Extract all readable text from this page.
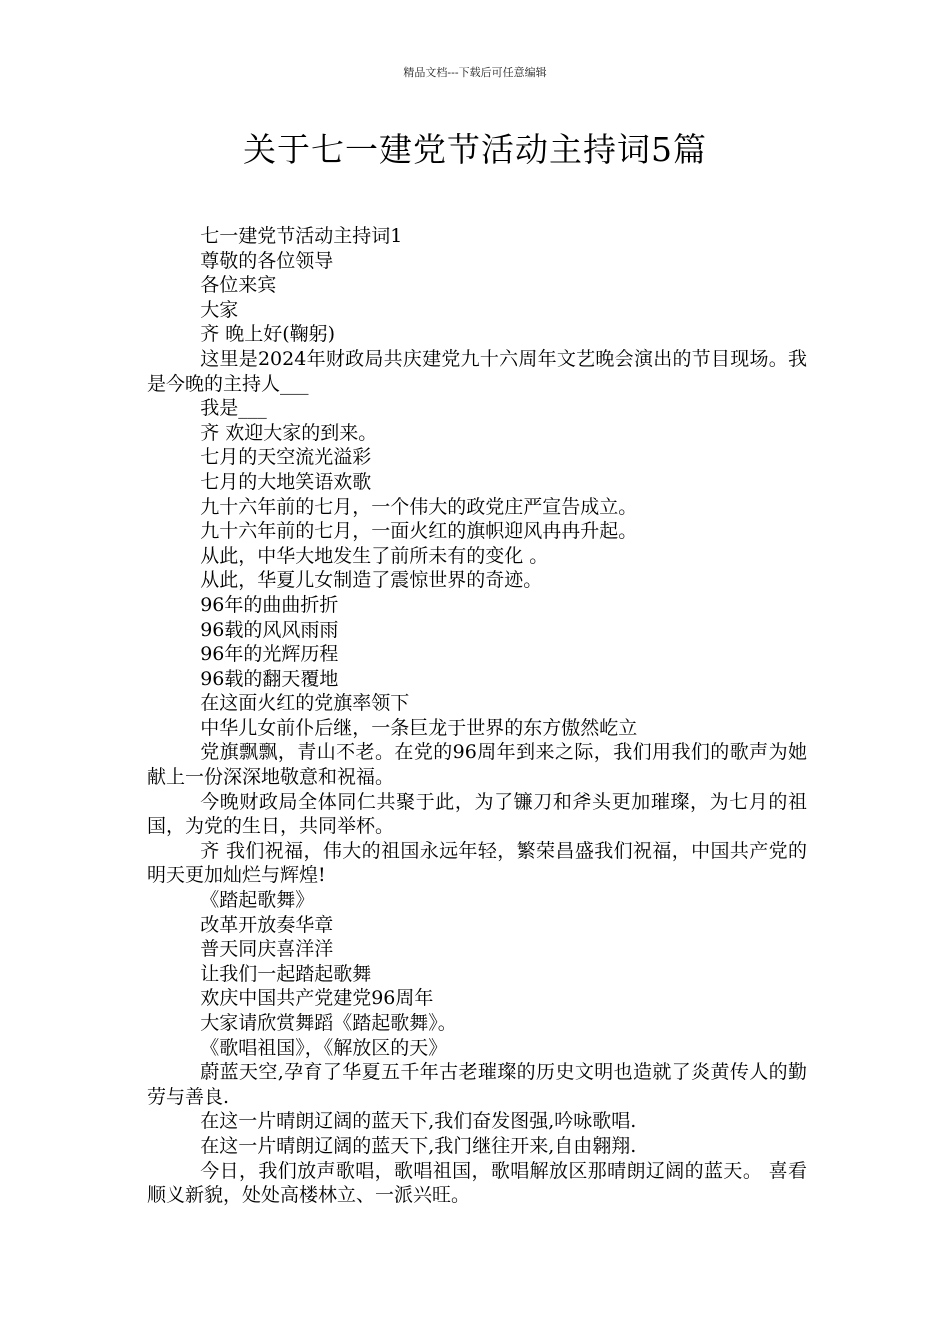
精品文档---下载后可任意编辑
关于七一建党节活动主持词5篇

七一建党节活动主持词1

尊敬的各位领导

各位来宾

大家

齐 晚上好(鞠躬)

这里是2024年财政局共庆建党九十六周年文艺晚会演出的节目现场。我是今晚的主持人___

我是___

齐 欢迎大家的到来。

七月的天空流光溢彩

七月的大地笑语欢歌

九十六年前的七月，一个伟大的政党庄严宣告成立。

九十六年前的七月，一面火红的旗帜迎风冉冉升起。

从此，中华大地发生了前所未有的变化 。

从此，华夏儿女制造了震惊世界的奇迹。

96年的曲曲折折

96载的风风雨雨

96年的光辉历程

96载的翻天覆地

在这面火红的党旗率领下

中华儿女前仆后继，一条巨龙于世界的东方傲然屹立

党旗飘飘，青山不老。在党的96周年到来之际，我们用我们的歌声为她献上一份深深地敬意和祝福。

今晚财政局全体同仁共聚于此，为了镰刀和斧头更加璀璨，为七月的祖国，为党的生日，共同举杯。

齐 我们祝福，伟大的祖国永远年轻，繁荣昌盛我们祝福，中国共产党的明天更加灿烂与辉煌!

《踏起歌舞》

改革开放奏华章

普天同庆喜洋洋

让我们一起踏起歌舞

欢庆中国共产党建党96周年

大家请欣赏舞蹈《踏起歌舞》。

《歌唱祖国》，《解放区的天》

蔚蓝天空,孕育了华夏五千年古老璀璨的历史文明也造就了炎黄传人的勤劳与善良.

在这一片晴朗辽阔的蓝天下,我们奋发图强,吟咏歌唱.

在这一片晴朗辽阔的蓝天下,我门继往开来,自由翱翔.

今日，我们放声歌唱，歌唱祖国，歌唱解放区那晴朗辽阔的蓝天。 喜看顺义新貌，处处高楼林立、一派兴旺。
